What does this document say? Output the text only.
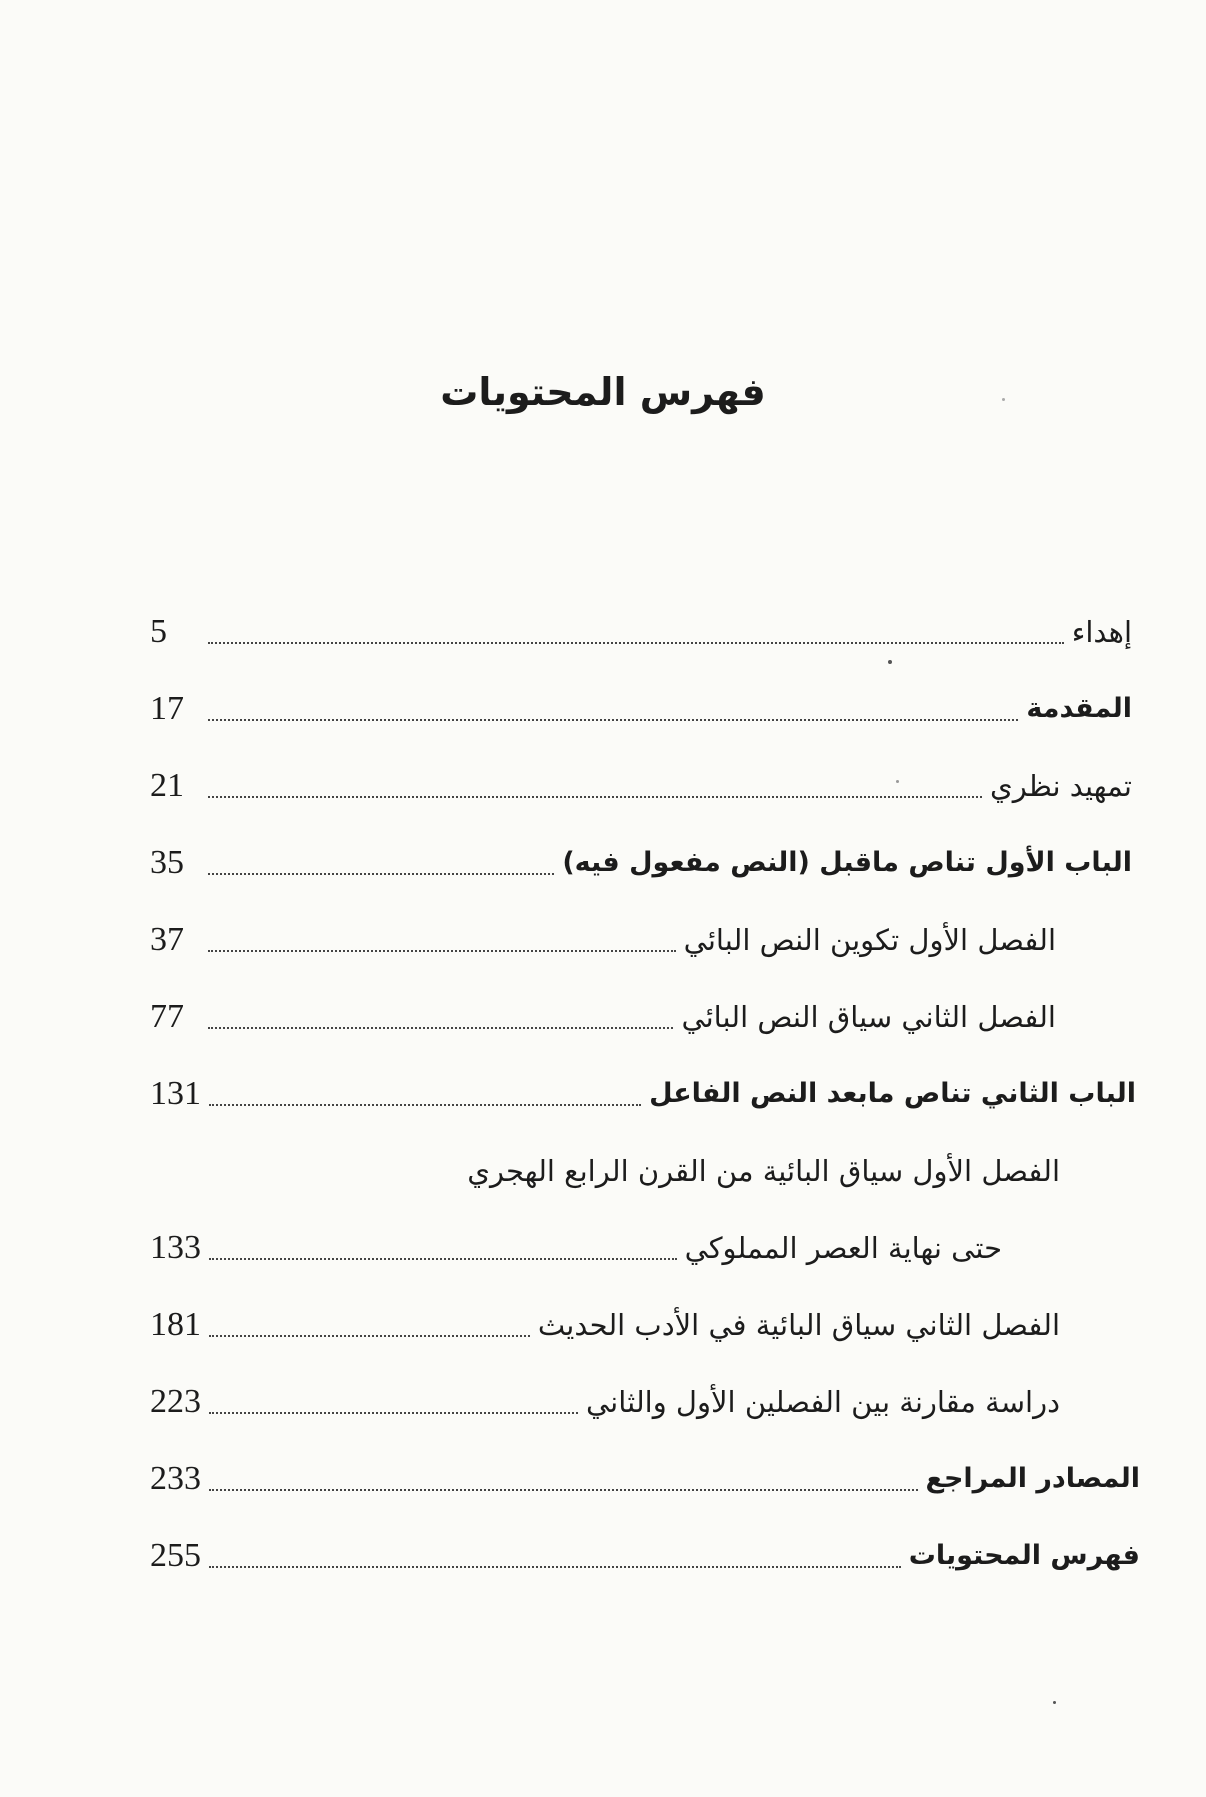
فهرس المحتويات
5	إهداء
17	المقدمة
21	تمهيد نظري
35	الباب الأول تناص ماقبل (النص مفعول فيه)
37	الفصل الأول تكوين النص البائي
77	الفصل الثاني سياق النص البائي
131	الباب الثاني تناص مابعد النص الفاعل
الفصل الأول سياق البائية من القرن الرابع الهجري
133	حتى نهاية العصر المملوكي
181	الفصل الثاني سياق البائية في الأدب الحديث
223	دراسة مقارنة بين الفصلين الأول والثاني
233	المصادر المراجع
255	فهرس المحتويات
